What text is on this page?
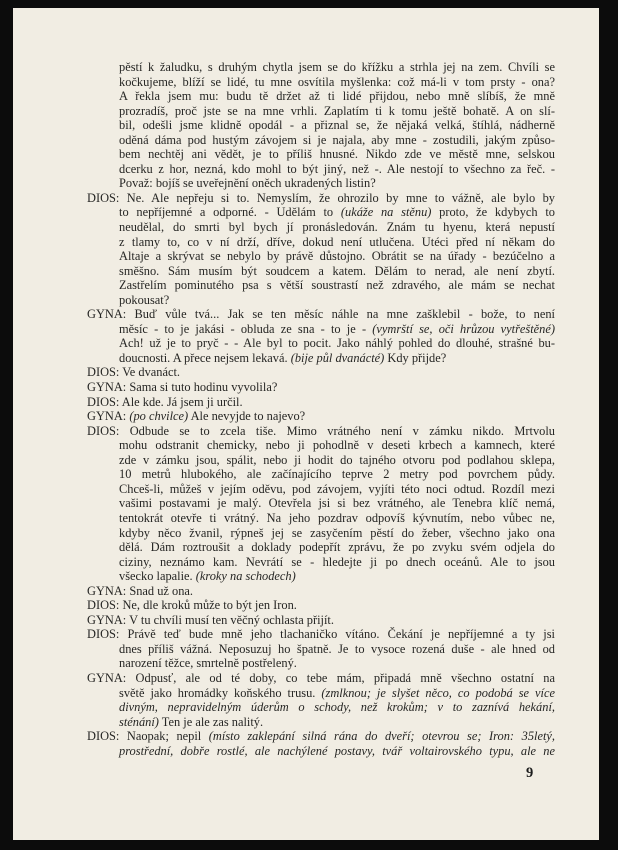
pěstí k žaludku, s druhým chytla jsem se do křížku a strhla jej na zem. Chvíli se
kočkujeme, blíží se lidé, tu mne osvítila myšlenka: což má-li v tom prsty - ona?
A řekla jsem mu: budu tě držet až ti lidé přijdou, nebo mně slíbíš, že mně
prozradíš, proč jste se na mne vrhli. Zaplatím ti k tomu ještě bohatě. A on slí-
bil, odešli jsme klidně opodál - a přiznal se, že nějaká velká, štíhlá, nádherně
oděná dáma pod hustým závojem si je najala, aby mne - zostudili, jakým způso-
bem nechtěj ani vědět, je to příliš hnusné. Nikdo zde ve městě mne, selskou
dcerku z hor, nezná, kdo mohl to být jiný, než -. Ale nestojí to všechno za řeč. -
Považ: bojíš se uveřejnění oněch ukradených listin?
DIOS: Ne. Ale nepřeju si to. Nemyslím, že ohrozilo by mne to vážně, ale bylo by
to nepříjemné a odporné. - Udělám to (ukáže na stěnu) proto, že kdybych to
neudělal, do smrti byl bych jí pronásledován. Znám tu hyenu, která nepustí
z tlamy to, co v ní drží, dříve, dokud není utlučena. Utéci před ní někam do
Altaje a skrývat se nebylo by právě důstojno. Obrátit se na úřady - bezúčelno a
směšno. Sám musím být soudcem a katem. Dělám to nerad, ale není zbytí.
Zastřelím pominutého psa s větší soustrastí než zdravého, ale mám se nechat
pokousat?
GYNA: Buď vůle tvá... Jak se ten měsíc náhle na mne zašklebil - bože, to není
měsíc - to je jakási - obluda ze sna - to je - (vymrští se, oči hrůzou vytřeštěné)
Ach! už je to pryč - - Ale byl to pocit. Jako náhlý pohled do dlouhé, strašné bu-
doucnosti. A přece nejsem lekavá. (bije půl dvanácté) Kdy přijde?
DIOS: Ve dvanáct.
GYNA: Sama si tuto hodinu vyvolila?
DIOS: Ale kde. Já jsem ji určil.
GYNA: (po chvilce) Ale nevyjde to najevo?
DIOS: Odbude se to zcela tiše. Mimo vrátného není v zámku nikdo. Mrtvolu
mohu odstranit chemicky, nebo ji pohodlně v deseti krbech a kamnech, které
zde v zámku jsou, spálit, nebo ji hodit do tajného otvoru pod podlahou sklepa,
10 metrů hlubokého, ale začínajícího teprve 2 metry pod povrchem půdy.
Chceš-li, můžeš v jejím oděvu, pod závojem, vyjíti této noci odtud. Rozdíl mezi
vašimi postavami je malý. Otevřela jsi si bez vrátného, ale Tenebra klíč nemá,
tentokrát otevře ti vrátný. Na jeho pozdrav odpovíš kývnutím, nebo vůbec ne,
kdyby něco žvanil, rýpneš jej se zasyčením pěstí do žeber, všechno jako ona
dělá. Dám roztroušit a doklady podepřít zprávu, že po zvyku svém odjela do
ciziny, neznámo kam. Nevrátí se - hledejte ji po dnech oceánů. Ale to jsou
všecko lapalie. (kroky na schodech)
GYNA: Snad už ona.
DIOS: Ne, dle kroků může to být jen Iron.
GYNA: V tu chvíli musí ten věčný ochlasta přijít.
DIOS: Právě teď bude mně jeho tlachaničko vítáno. Čekání je nepříjemné a ty jsi
dnes příliš vážná. Neposuzuj ho špatně. Je to vysoce rozená duše - ale hned od
narození těžce, smrtelně postřelený.
GYNA: Odpusť, ale od té doby, co tebe mám, připadá mně všechno ostatní na
světě jako hromádky koňského trusu. (zmlknou; je slyšet něco, co podobá se více
divným, nepravidelným úderům o schody, než krokům; v to zaznívá hekání,
sténání) Ten je ale zas nalitý.
DIOS: Naopak; nepil (místo zaklepání silná rána do dveří; otevrou se; Iron: 35letý,
prostřední, dobře rostlé, ale nachýlené postavy, tvář voltairovského typu, ale ne
9
